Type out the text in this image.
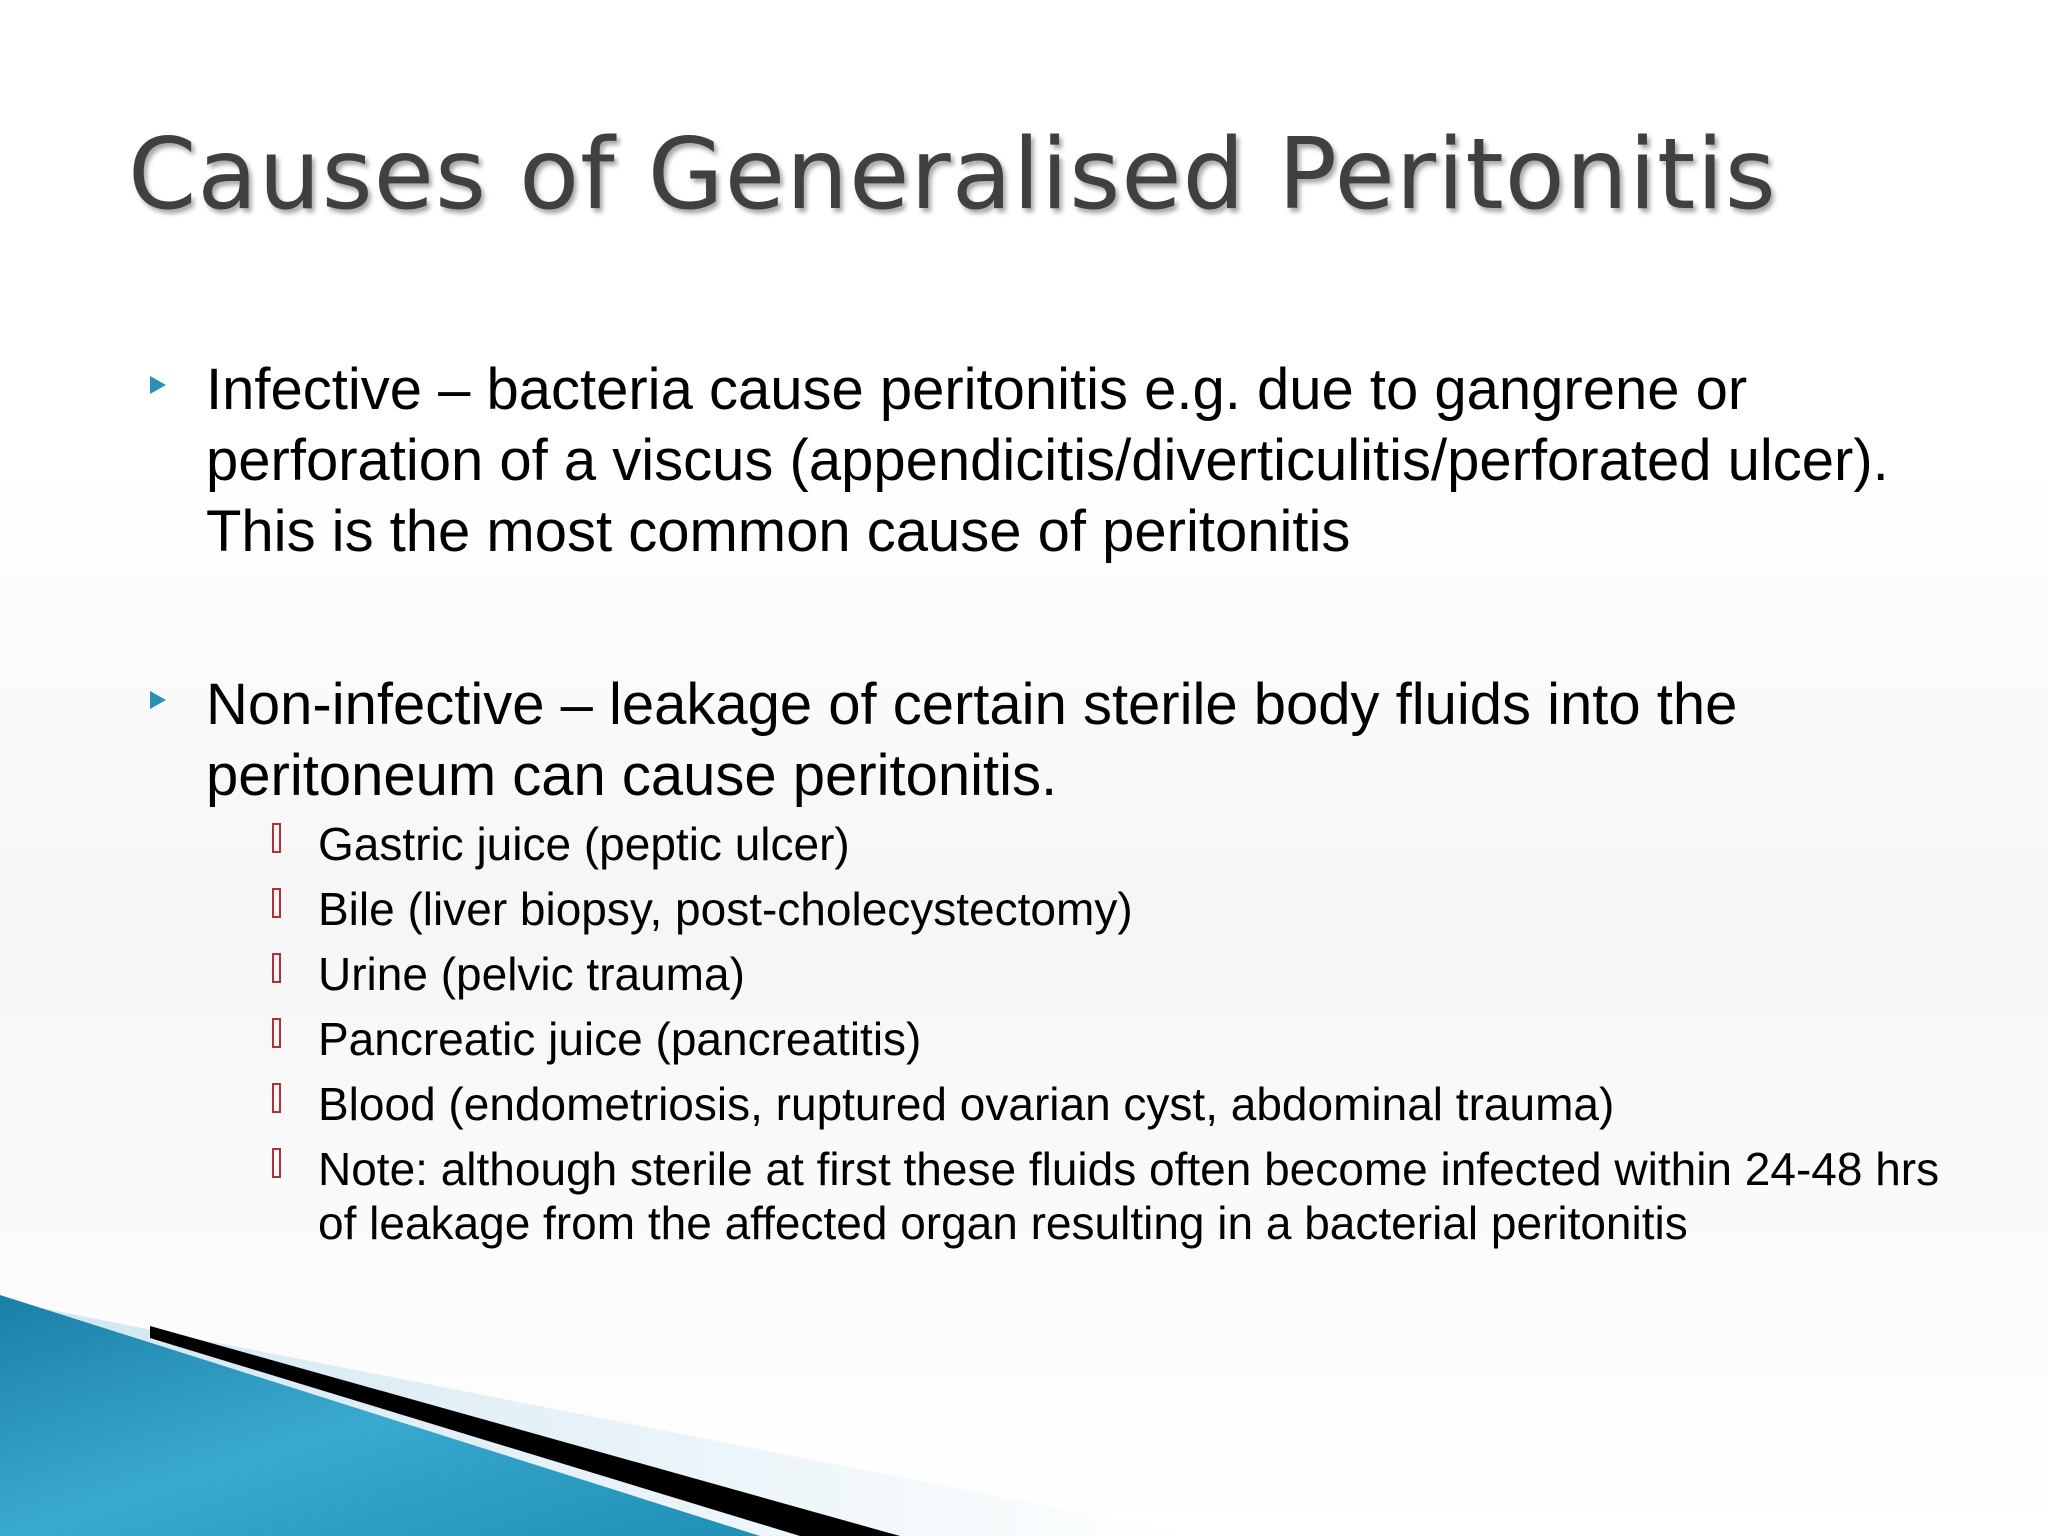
Causes of Generalised Peritonitis
Infective – bacteria cause peritonitis e.g. due to gangrene or perforation of a viscus (appendicitis/diverticulitis/perforated ulcer). This is the most common cause of peritonitis
Non-infective – leakage of certain sterile body fluids into the peritoneum can cause peritonitis.
Gastric juice (peptic ulcer)
Bile (liver biopsy, post-cholecystectomy)
Urine (pelvic trauma)
Pancreatic juice (pancreatitis)
Blood (endometriosis, ruptured ovarian cyst, abdominal trauma)
Note: although sterile at first these fluids often become infected within 24-48 hrs of leakage from the affected organ resulting in a bacterial peritonitis
